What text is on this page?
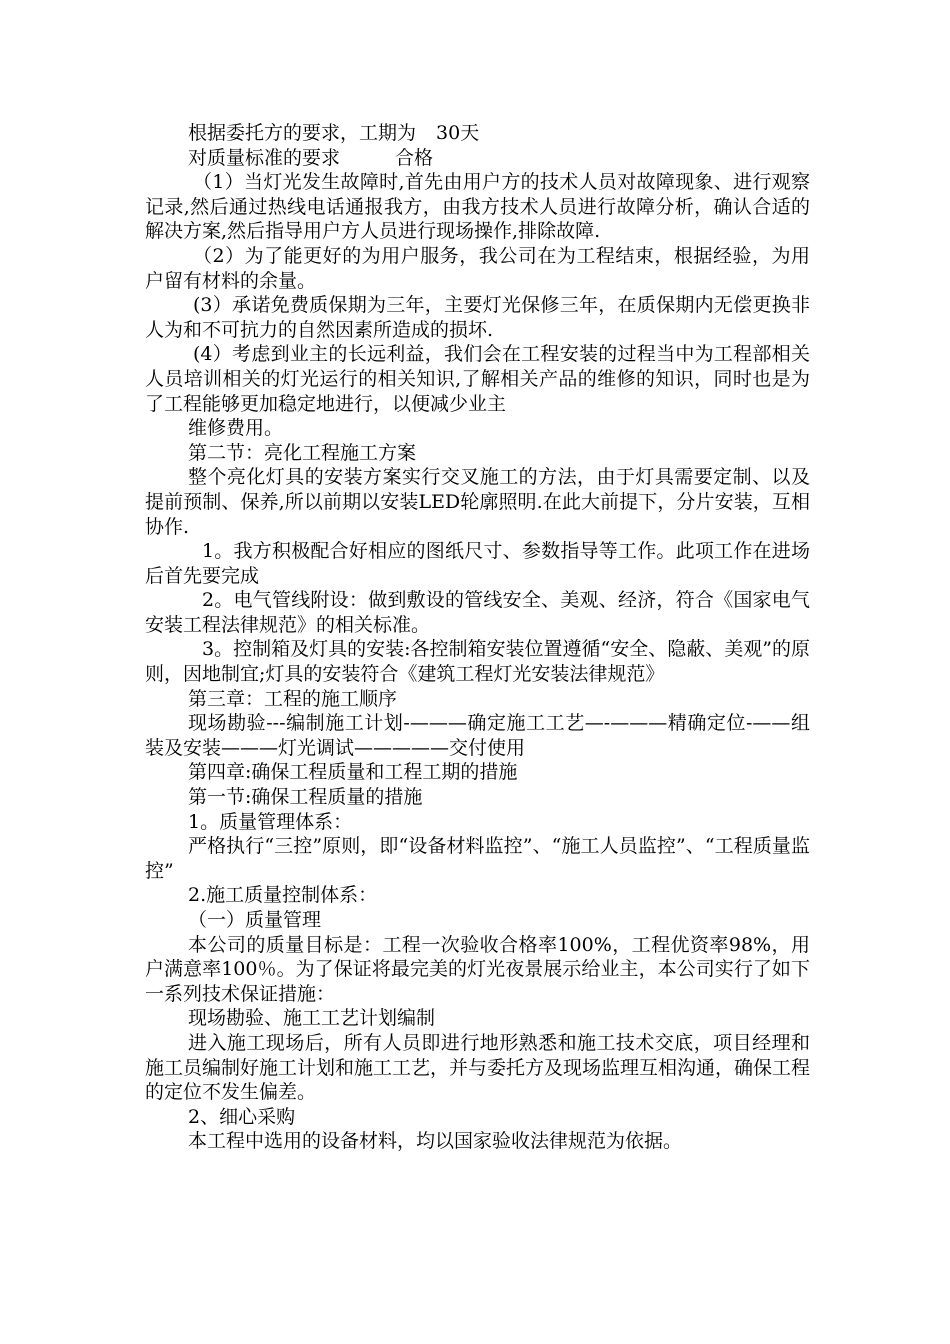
根据委托方的要求，工期为 30天

对质量标准的要求	合格

（1）当灯光发生故障时,首先由用户方的技术人员对故障现象、进行观察记录,然后通过热线电话通报我方，由我方技术人员进行故障分析，确认合适的解决方案,然后指导用户方人员进行现场操作,排除故障.

（2）为了能更好的为用户服务，我公司在为工程结束，根据经验，为用户留有材料的余量。

(3）承诺免费质保期为三年，主要灯光保修三年，在质保期内无偿更换非人为和不可抗力的自然因素所造成的损坏.

(4）考虑到业主的长远利益，我们会在工程安装的过程当中为工程部相关人员培训相关的灯光运行的相关知识,了解相关产品的维修的知识，同时也是为了工程能够更加稳定地进行，以便减少业主

维修费用。

第二节：亮化工程施工方案

整个亮化灯具的安装方案实行交叉施工的方法，由于灯具需要定制、以及提前预制、保养,所以前期以安装LED轮廓照明.在此大前提下，分片安装，互相协作.

1。我方积极配合好相应的图纸尺寸、参数指导等工作。此项工作在进场后首先要完成

2。电气管线附设：做到敷设的管线安全、美观、经济，符合《国家电气安装工程法律规范》的相关标准。

3。控制箱及灯具的安装:各控制箱安装位置遵循“安全、隐蔽、美观”的原则，因地制宜;灯具的安装符合《建筑工程灯光安装法律规范》

第三章：工程的施工顺序

现场勘验---编制施工计划-———确定施工工艺—-———精确定位-——组装及安装———灯光调试—————交付使用

第四章:确保工程质量和工程工期的措施

第一节:确保工程质量的措施

1。质量管理体系：

严格执行“三控”原则，即“设备材料监控”、“施工人员监控”、“工程质量监控”

2.施工质量控制体系：

（一）质量管理

本公司的质量目标是：工程一次验收合格率100%，工程优资率98%，用户满意率100％。为了保证将最完美的灯光夜景展示给业主，本公司实行了如下一系列技术保证措施：

现场勘验、施工工艺计划编制

进入施工现场后，所有人员即进行地形熟悉和施工技术交底，项目经理和施工员编制好施工计划和施工工艺，并与委托方及现场监理互相沟通，确保工程的定位不发生偏差。

2、细心采购

本工程中选用的设备材料，均以国家验收法律规范为依据。
